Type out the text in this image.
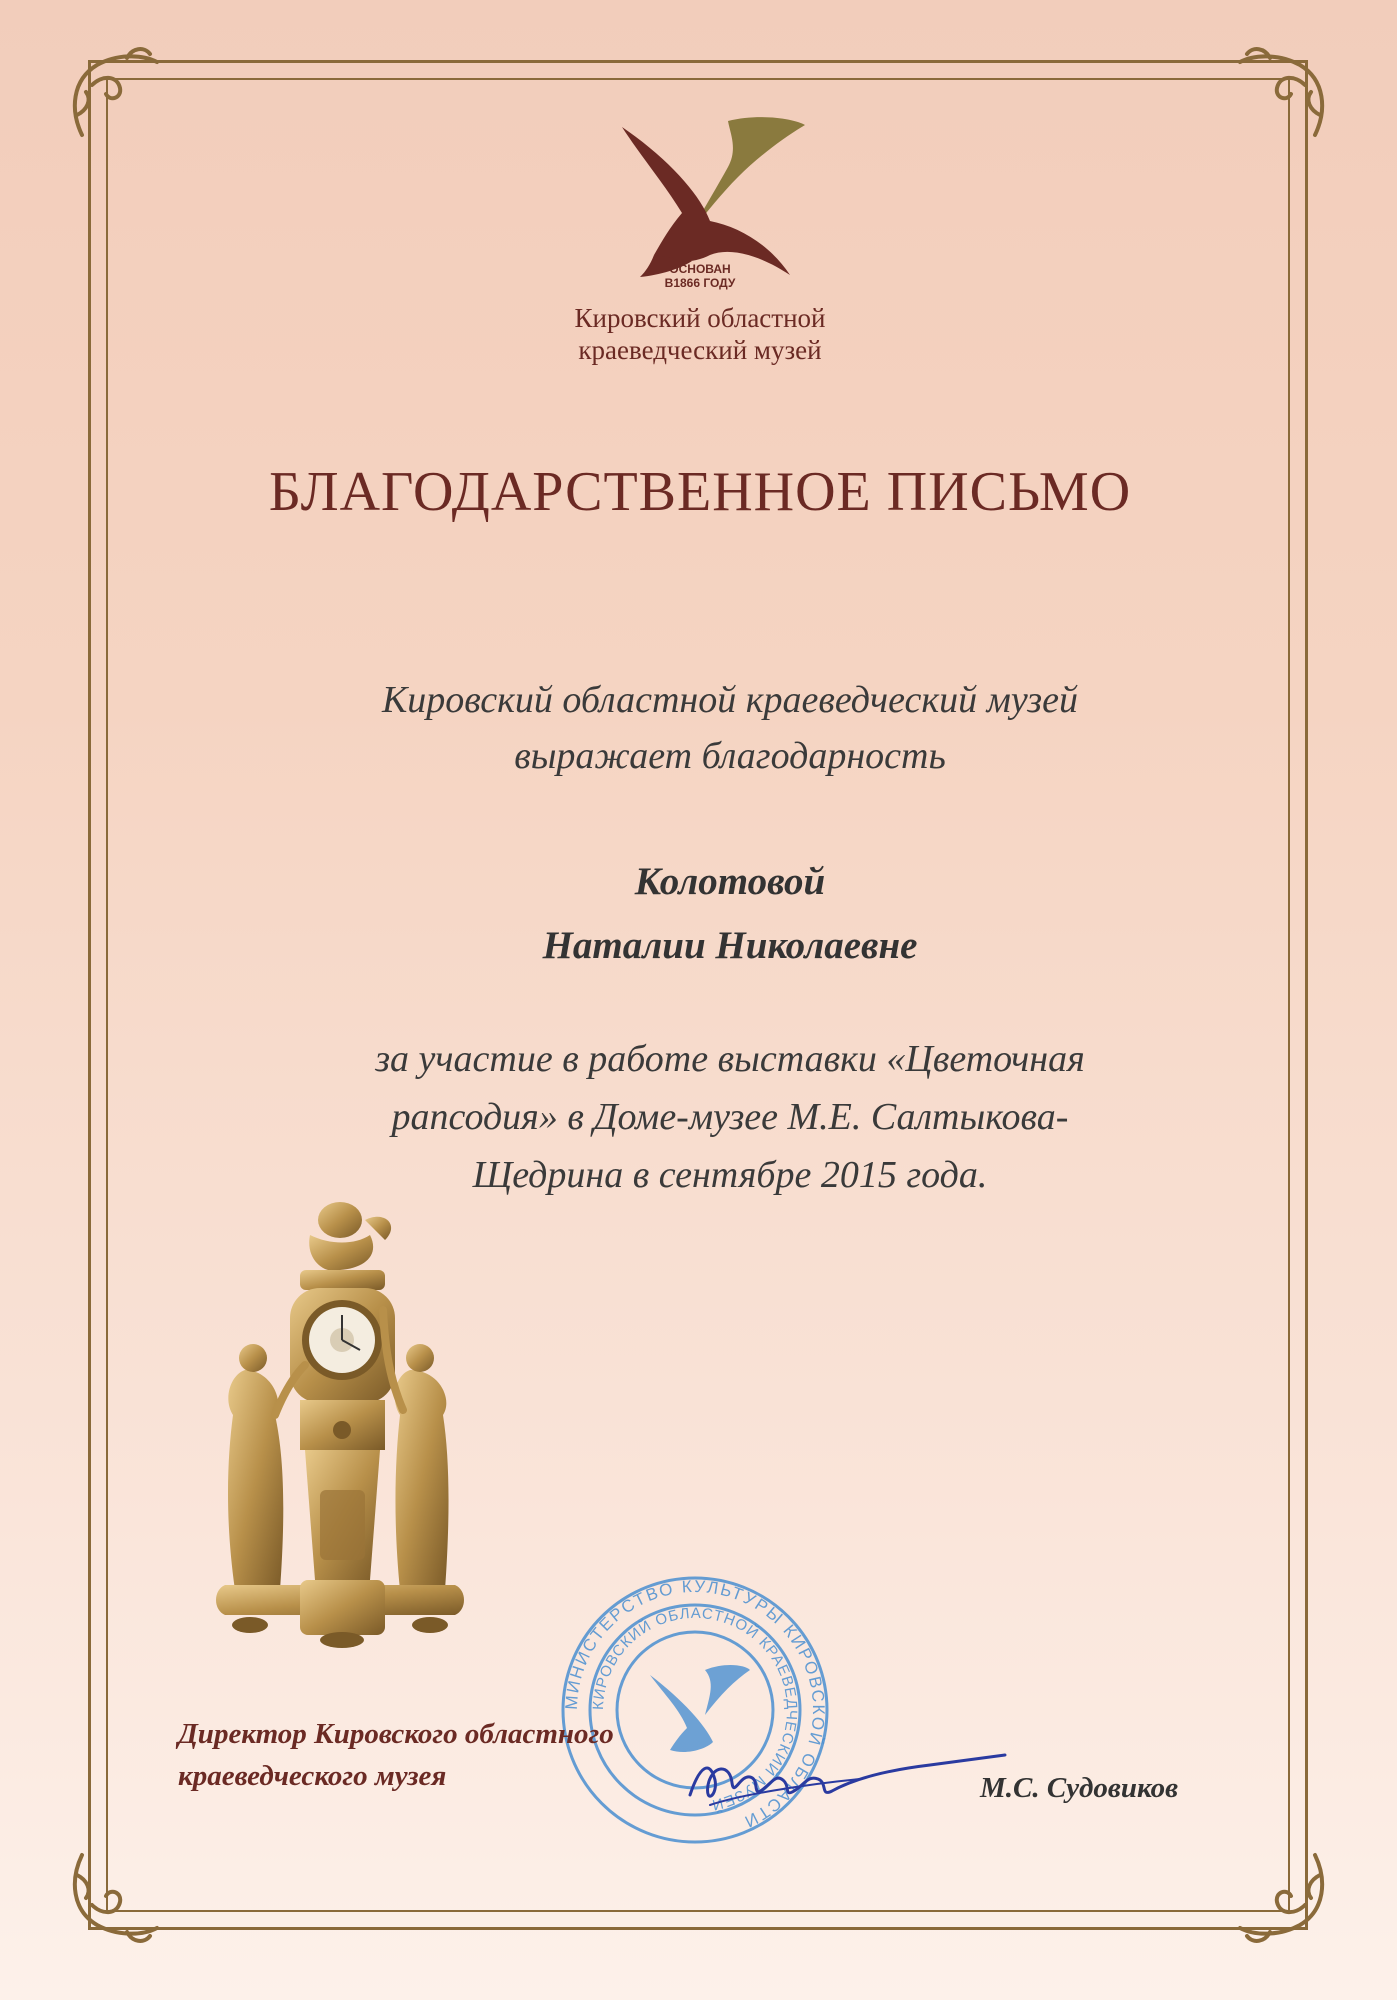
ОСНОВАН
В1866 ГОДУ
Кировский областной
краеведческий музей
БЛАГОДАРСТВЕННОЕ ПИСЬМО
Кировский областной краеведческий музей
выражает благодарность
Колотовой
Наталии Николаевне
за участие в работе выставки «Цветочная
рапсодия» в Доме-музее М.Е. Салтыкова-
Щедрина в сентябре 2015 года.
МИНИСТЕРСТВО КУЛЬТУРЫ КИРОВСКОЙ ОБЛАСТИ
КИРОВСКИЙ ОБЛАСТНОЙ КРАЕВЕДЧЕСКИЙ МУЗЕЙ
Директор Кировского областного
краеведческого музея	М.С. Судовиков
